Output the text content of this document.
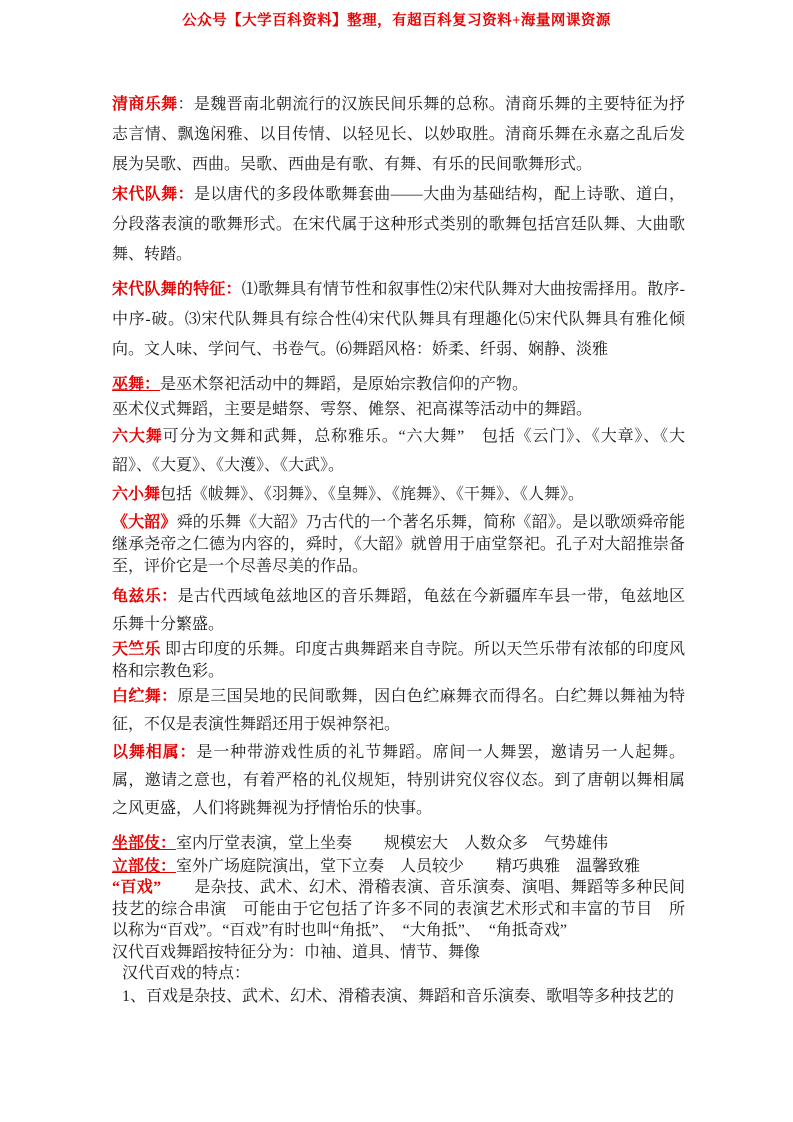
公众号【大学百科资料】整理，有超百科复习资料+海量网课资源

清商乐舞：是魏晋南北朝流行的汉族民间乐舞的总称。清商乐舞的主要特征为抒志言情、飘逸闲雅、以目传情、以轻见长、以妙取胜。清商乐舞在永嘉之乱后发展为吴歌、西曲。吴歌、西曲是有歌、有舞、有乐的民间歌舞形式。

宋代队舞：是以唐代的多段体歌舞套曲——大曲为基础结构，配上诗歌、道白，分段落表演的歌舞形式。在宋代属于这种形式类别的歌舞包括宫廷队舞、大曲歌舞、转踏。

宋代队舞的特征：⑴歌舞具有情节性和叙事性⑵宋代队舞对大曲按需择用。散序-中序-破。⑶宋代队舞具有综合性⑷宋代队舞具有理趣化⑸宋代队舞具有雅化倾向。文人味、学问气、书卷气。⑹舞蹈风格：娇柔、纤弱、娴静、淡雅

巫舞：是巫术祭祀活动中的舞蹈，是原始宗教信仰的产物。

巫术仪式舞蹈，主要是蜡祭、雩祭、傩祭、祀高禖等活动中的舞蹈。

六大舞可分为文舞和武舞，总称雅乐。“六大舞”　包括《云门》、《大章》、《大韶》、《大夏》、《大濩》、《大武》。

六小舞包括《帗舞》、《羽舞》、《皇舞》、《旄舞》、《干舞》、《人舞》。

《大韶》舜的乐舞《大韶》乃古代的一个著名乐舞，简称《韶》。是以歌颂舜帝能继承尧帝之仁德为内容的，舜时，《大韶》就曾用于庙堂祭祀。孔子对大韶推崇备至，评价它是一个尽善尽美的作品。

龟兹乐：是古代西域龟兹地区的音乐舞蹈，龟兹在今新疆库车县一带，龟兹地区乐舞十分繁盛。

天竺乐 即古印度的乐舞。印度古典舞蹈来自寺院。所以天竺乐带有浓郁的印度风格和宗教色彩。

白纻舞：原是三国吴地的民间歌舞，因白色纻麻舞衣而得名。白纻舞以舞袖为特征，不仅是表演性舞蹈还用于娱神祭祀。

以舞相属：是一种带游戏性质的礼节舞蹈。席间一人舞罢，邀请另一人起舞。属，邀请之意也，有着严格的礼仪规矩，特别讲究仪容仪态。到了唐朝以舞相属之风更盛，人们将跳舞视为抒情怡乐的快事。

坐部伎：室内厅堂表演，堂上坐奏　　规模宏大　人数众多　气势雄伟

立部伎：室外广场庭院演出，堂下立奏　人员较少　　精巧典雅　温馨致雅

“百戏”　　是杂技、武术、幻术、滑稽表演、音乐演奏、演唱、舞蹈等多种民间技艺的综合串演　可能由于它包括了许多不同的表演艺术形式和丰富的节目　所以称为“百戏”。“百戏”有时也叫“角抵”、　“大角抵”、　“角抵奇戏”

汉代百戏舞蹈按特征分为：巾袖、道具、情节、舞像

汉代百戏的特点：

1、百戏是杂技、武术、幻术、滑稽表演、舞蹈和音乐演奏、歌唱等多种技艺的
